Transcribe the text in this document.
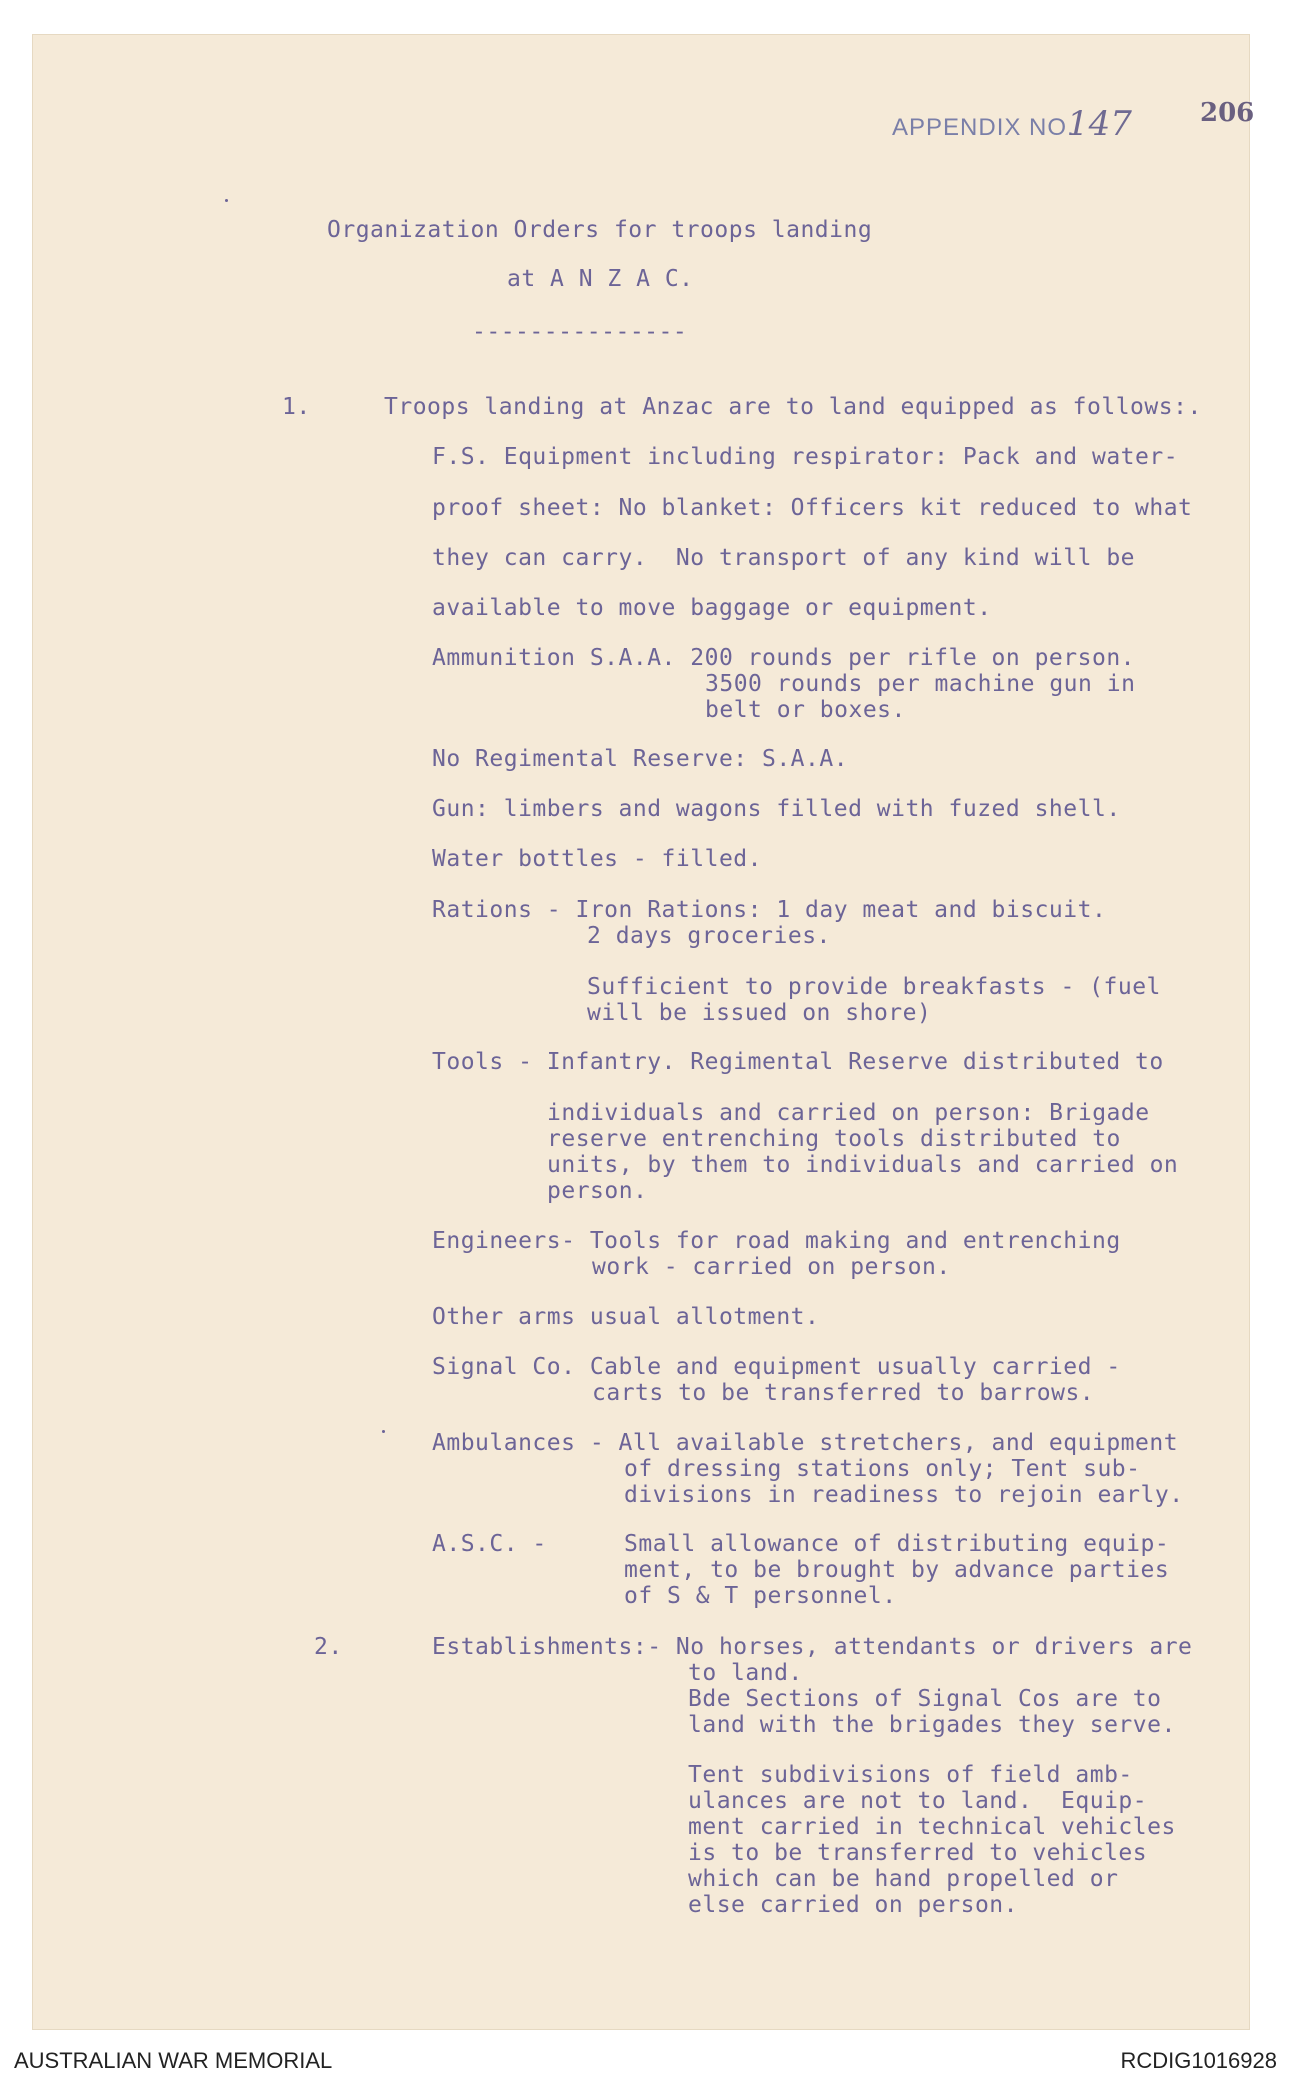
APPENDIX NO.
147	206
Organization Orders for troops landing
at A N Z A C.
---------------
1.	Troops landing at Anzac are to land equipped as follows:.
F.S. Equipment including respirator: Pack and water-
proof sheet: No blanket: Officers kit reduced to what
they can carry.  No transport of any kind will be
available to move baggage or equipment.
Ammunition S.A.A. 200 rounds per rifle on person.
3500 rounds per machine gun in
belt or boxes.
No Regimental Reserve: S.A.A.
Gun: limbers and wagons filled with fuzed shell.
Water bottles - filled.
Rations - Iron Rations: 1 day meat and biscuit.
2 days groceries.
Sufficient to provide breakfasts - (fuel
will be issued on shore)
Tools - Infantry. Regimental Reserve distributed to
individuals and carried on person: Brigade
reserve entrenching tools distributed to
units, by them to individuals and carried on
person.
Engineers- Tools for road making and entrenching
work - carried on person.
Other arms usual allotment.
Signal Co. Cable and equipment usually carried -
carts to be transferred to barrows.
Ambulances - All available stretchers, and equipment
of dressing stations only; Tent sub-
divisions in readiness to rejoin early.
A.S.C. -	Small allowance of distributing equip-
ment, to be brought by advance parties
of S & T personnel.
2.	Establishments:- No horses, attendants or drivers are
to land.
Bde Sections of Signal Cos are to
land with the brigades they serve.
Tent subdivisions of field amb-
ulances are not to land.  Equip-
ment carried in technical vehicles
is to be transferred to vehicles
which can be hand propelled or
else carried on person.
AUSTRALIAN WAR MEMORIAL	RCDIG1016928
